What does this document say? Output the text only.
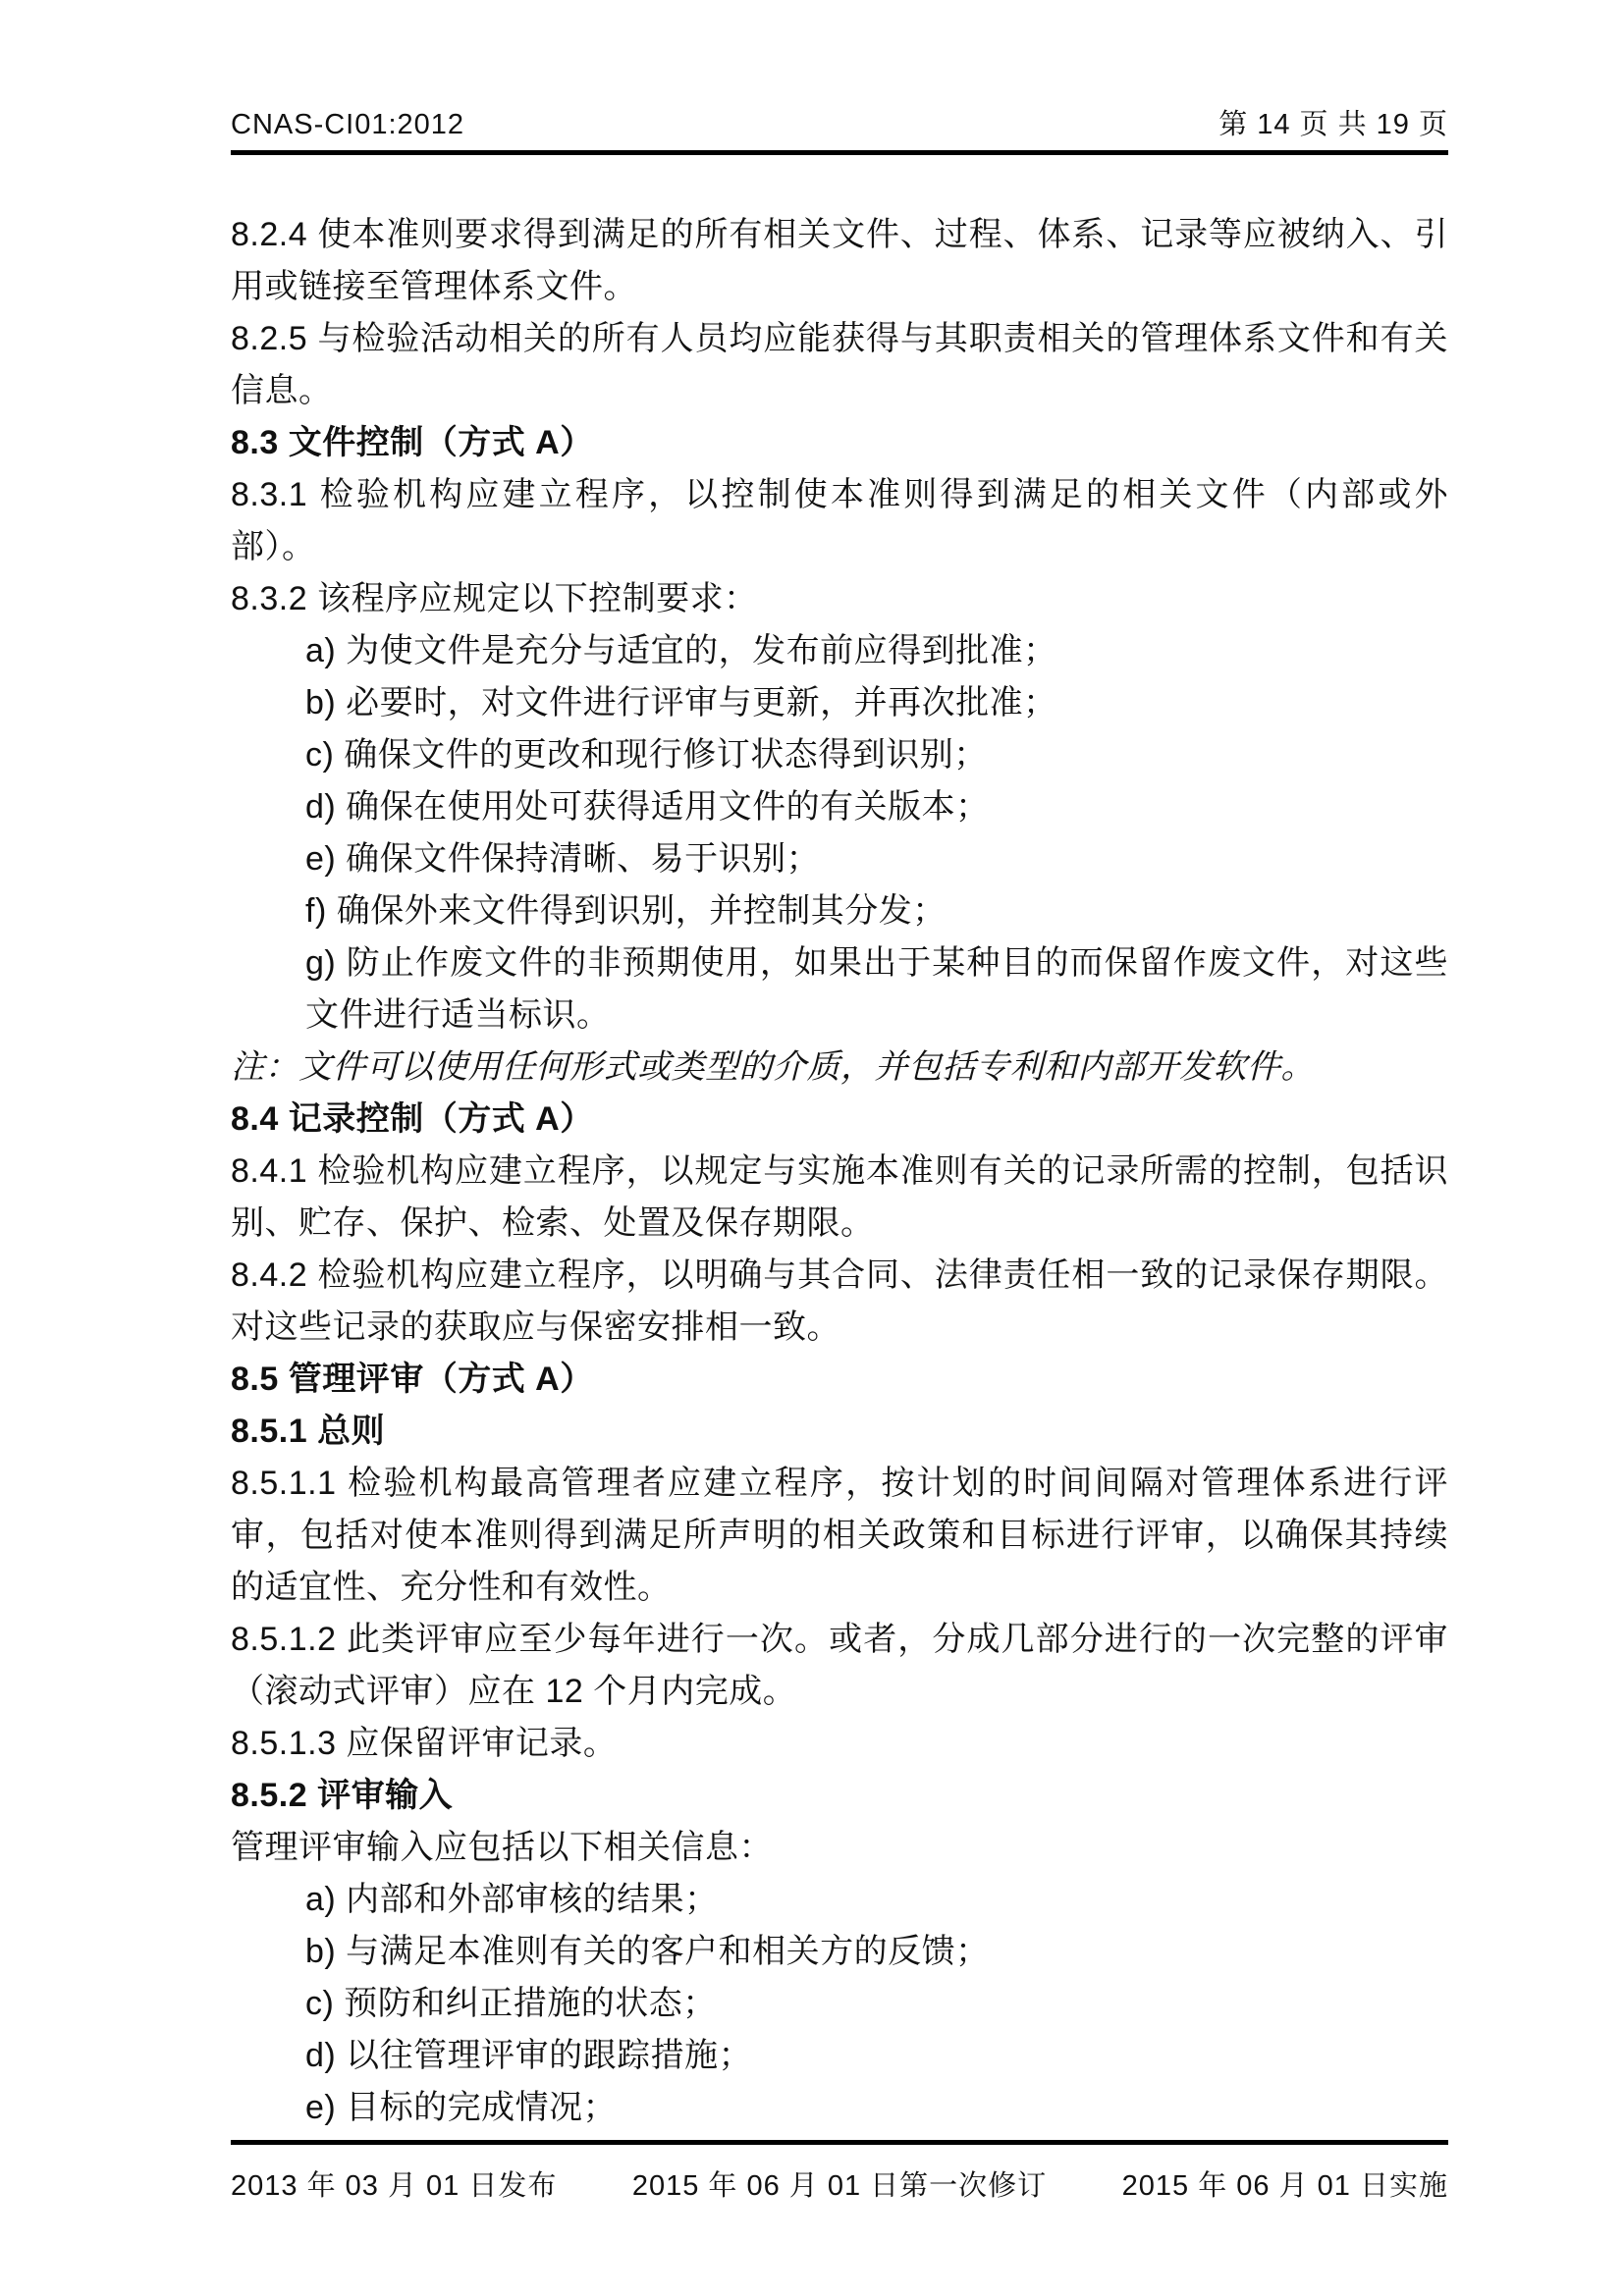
CNAS-CI01:2012	第 14 页 共 19 页

8.2.4 使本准则要求得到满足的所有相关文件、过程、体系、记录等应被纳入、引用或链接至管理体系文件。

8.2.5 与检验活动相关的所有人员均应能获得与其职责相关的管理体系文件和有关信息。

8.3 文件控制（方式 A）

8.3.1 检验机构应建立程序，以控制使本准则得到满足的相关文件（内部或外部）。

8.3.2 该程序应规定以下控制要求：

a) 为使文件是充分与适宜的，发布前应得到批准；

b) 必要时，对文件进行评审与更新，并再次批准；

c) 确保文件的更改和现行修订状态得到识别；

d) 确保在使用处可获得适用文件的有关版本；

e) 确保文件保持清晰、易于识别；

f) 确保外来文件得到识别，并控制其分发；

g) 防止作废文件的非预期使用，如果出于某种目的而保留作废文件，对这些文件进行适当标识。

注：文件可以使用任何形式或类型的介质，并包括专利和内部开发软件。

8.4 记录控制（方式 A）

8.4.1 检验机构应建立程序，以规定与实施本准则有关的记录所需的控制，包括识别、贮存、保护、检索、处置及保存期限。

8.4.2 检验机构应建立程序，以明确与其合同、法律责任相一致的记录保存期限。对这些记录的获取应与保密安排相一致。

8.5 管理评审（方式 A）

8.5.1 总则

8.5.1.1 检验机构最高管理者应建立程序，按计划的时间间隔对管理体系进行评审，包括对使本准则得到满足所声明的相关政策和目标进行评审，以确保其持续的适宜性、充分性和有效性。

8.5.1.2 此类评审应至少每年进行一次。或者，分成几部分进行的一次完整的评审（滚动式评审）应在 12 个月内完成。

8.5.1.3 应保留评审记录。

8.5.2 评审输入

管理评审输入应包括以下相关信息：

a) 内部和外部审核的结果；

b) 与满足本准则有关的客户和相关方的反馈；

c) 预防和纠正措施的状态；

d) 以往管理评审的跟踪措施；

e) 目标的完成情况；

2013 年 03 月 01 日发布	2015 年 06 月 01 日第一次修订	2015 年 06 月 01 日实施
